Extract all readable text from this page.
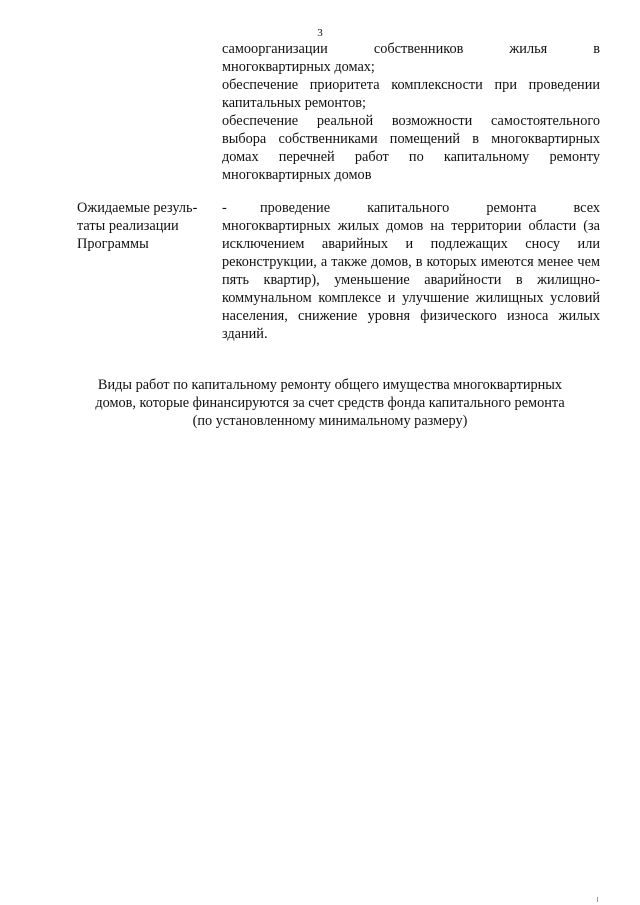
3

самоорганизации собственников жилья в

многоквартирных домах;

обеспечение приоритета комплексности при проведении

капитальных ремонтов;

обеспечение реальной возможности самостоятельного

выбора собственниками помещений в многоквартирных

домах перечней работ по капитальному ремонту

многоквартирных домов

Ожидаемые резуль-
таты реализации
Программы
-	проведение капитального ремонта всех многоквартирных жилых домов на территории области (за исключением аварийных и подлежащих сносу или реконструкции, а также домов, в которых имеются менее чем пять квартир), уменьшение аварийности в жилищно-коммунальном комплексе и улучшение жилищных условий населения, снижение уровня физического износа жилых зданий.

Виды работ по капитальному ремонту общего имущества многоквартирных
домов, которые финансируются за счет средств фонда капитального ремонта
(по установленному минимальному размеру)
